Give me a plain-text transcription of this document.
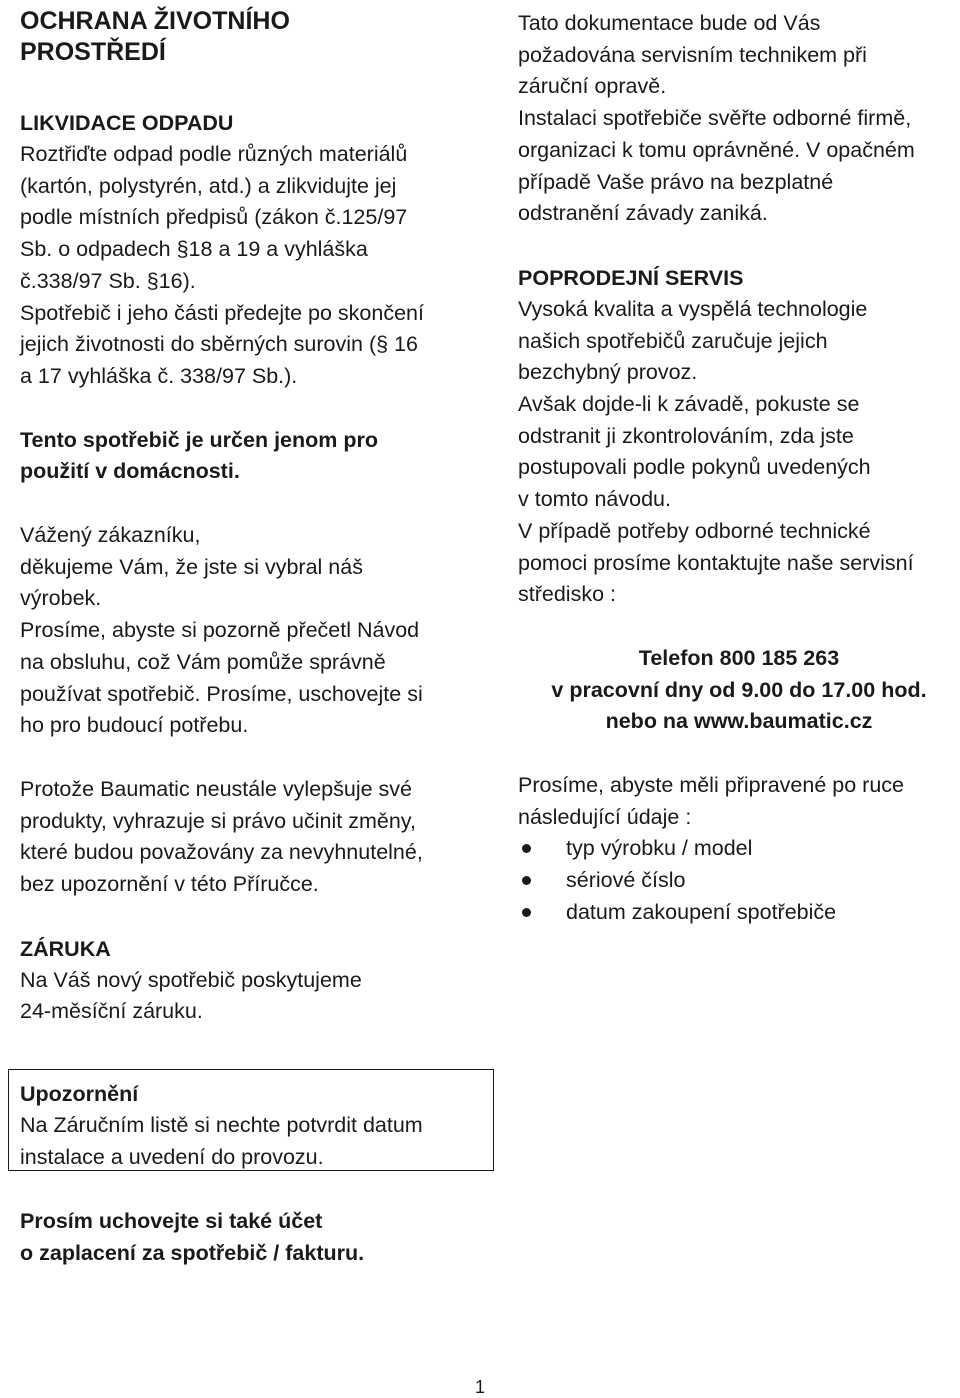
OCHRANA ŽIVOTNÍHO
PROSTŘEDÍ
LIKVIDACE ODPADU
Roztřiďte odpad podle různých materiálů
(kartón, polystyrén, atd.) a zlikvidujte jej
podle místních předpisů (zákon č.125/97
Sb. o odpadech §18 a 19 a vyhláška
č.338/97 Sb. §16).
Spotřebič i jeho části předejte po skončení
jejich životnosti do sběrných surovin (§ 16
a 17 vyhláška č. 338/97 Sb.).
Tento spotřebič je určen jenom pro
použití v domácnosti.
Vážený zákazníku,
děkujeme Vám, že jste si vybral náš
výrobek.
Prosíme, abyste si pozorně přečetl Návod
na obsluhu, což Vám pomůže správně
používat spotřebič. Prosíme, uschovejte si
ho pro budoucí potřebu.
Protože Baumatic neustále vylepšuje své
produkty, vyhrazuje si právo učinit změny,
které budou považovány za nevyhnutelné,
bez upozornění v této Příručce.
ZÁRUKA
Na Váš nový spotřebič poskytujeme
24-měsíční záruku.
Upozornění
Na Záručním listě si nechte potvrdit datum
instalace a uvedení do provozu.
Prosím uchovejte si také účet
o zaplacení za spotřebič / fakturu.
Tato dokumentace bude od Vás
požadována servisním technikem při
záruční opravě.
Instalaci spotřebiče svěřte odborné firmě,
organizaci k tomu oprávněné. V opačném
případě Vaše právo na bezplatné
odstranění závady zaniká.
POPRODEJNÍ SERVIS
Vysoká kvalita a vyspělá technologie
našich spotřebičů zaručuje jejich
bezchybný provoz.
Avšak dojde-li k závadě, pokuste se
odstranit ji zkontrolováním, zda jste
postupovali podle pokynů uvedených
v tomto návodu.
V případě potřeby odborné technické
pomoci prosíme kontaktujte naše servisní
středisko :
Telefon 800 185 263
v pracovní dny od 9.00 do 17.00 hod.
nebo na www.baumatic.cz
Prosíme, abyste měli připravené po ruce
následující údaje :
typ výrobku / model
sériové číslo
datum zakoupení spotřebiče
1
